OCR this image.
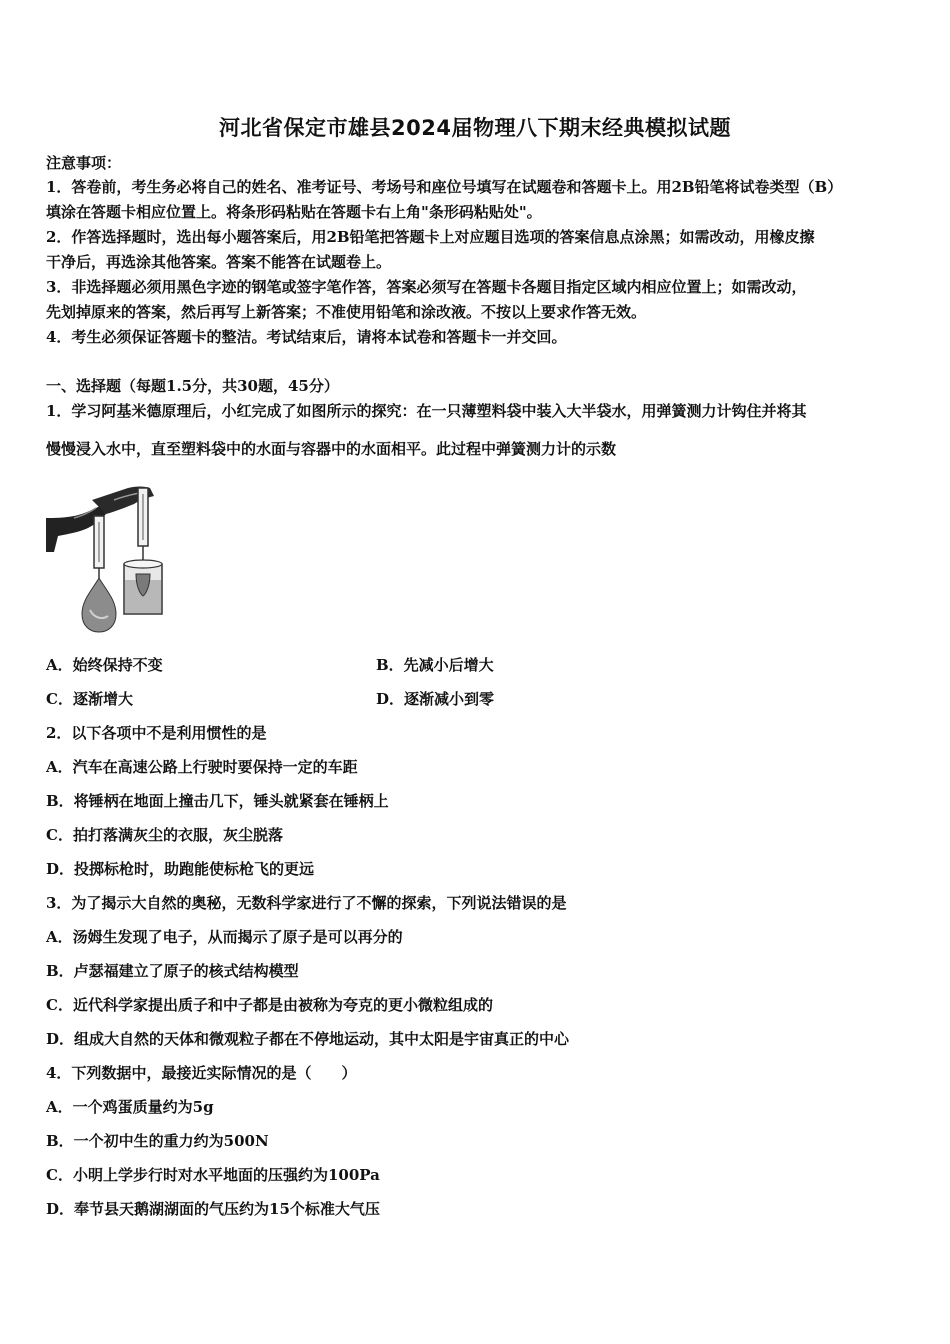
河北省保定市雄县2024届物理八下期末经典模拟试题
注意事项：
1．答卷前，考生务必将自己的姓名、准考证号、考场号和座位号填写在试题卷和答题卡上。用2B铅笔将试卷类型（B）
填涂在答题卡相应位置上。将条形码粘贴在答题卡右上角"条形码粘贴处"。
2．作答选择题时，选出每小题答案后，用2B铅笔把答题卡上对应题目选项的答案信息点涂黑；如需改动，用橡皮擦
干净后，再选涂其他答案。答案不能答在试题卷上。
3．非选择题必须用黑色字迹的钢笔或签字笔作答，答案必须写在答题卡各题目指定区域内相应位置上；如需改动，
先划掉原来的答案，然后再写上新答案；不准使用铅笔和涂改液。不按以上要求作答无效。
4．考生必须保证答题卡的整洁。考试结束后，请将本试卷和答题卡一并交回。
一、选择题（每题1.5分，共30题，45分）
1．学习阿基米德原理后，小红完成了如图所示的探究：在一只薄塑料袋中装入大半袋水，用弹簧测力计钩住并将其
慢慢浸入水中，直至塑料袋中的水面与容器中的水面相平。此过程中弹簧测力计的示数
A．始终保持不变	B．先减小后增大
C．逐渐增大	D．逐渐减小到零
2．以下各项中不是利用惯性的是
A．汽车在高速公路上行驶时要保持一定的车距
B．将锤柄在地面上撞击几下，锤头就紧套在锤柄上
C．拍打落满灰尘的衣服，灰尘脱落
D．投掷标枪时，助跑能使标枪飞的更远
3．为了揭示大自然的奥秘，无数科学家进行了不懈的探索，下列说法错误的是
A．汤姆生发现了电子，从而揭示了原子是可以再分的
B．卢瑟福建立了原子的核式结构模型
C．近代科学家提出质子和中子都是由被称为夸克的更小微粒组成的
D．组成大自然的天体和微观粒子都在不停地运动，其中太阳是宇宙真正的中心
4．下列数据中，最接近实际情况的是（　　）
A．一个鸡蛋质量约为5g
B．一个初中生的重力约为500N
C．小明上学步行时对水平地面的压强约为100Pa
D．奉节县天鹅湖湖面的气压约为15个标准大气压
